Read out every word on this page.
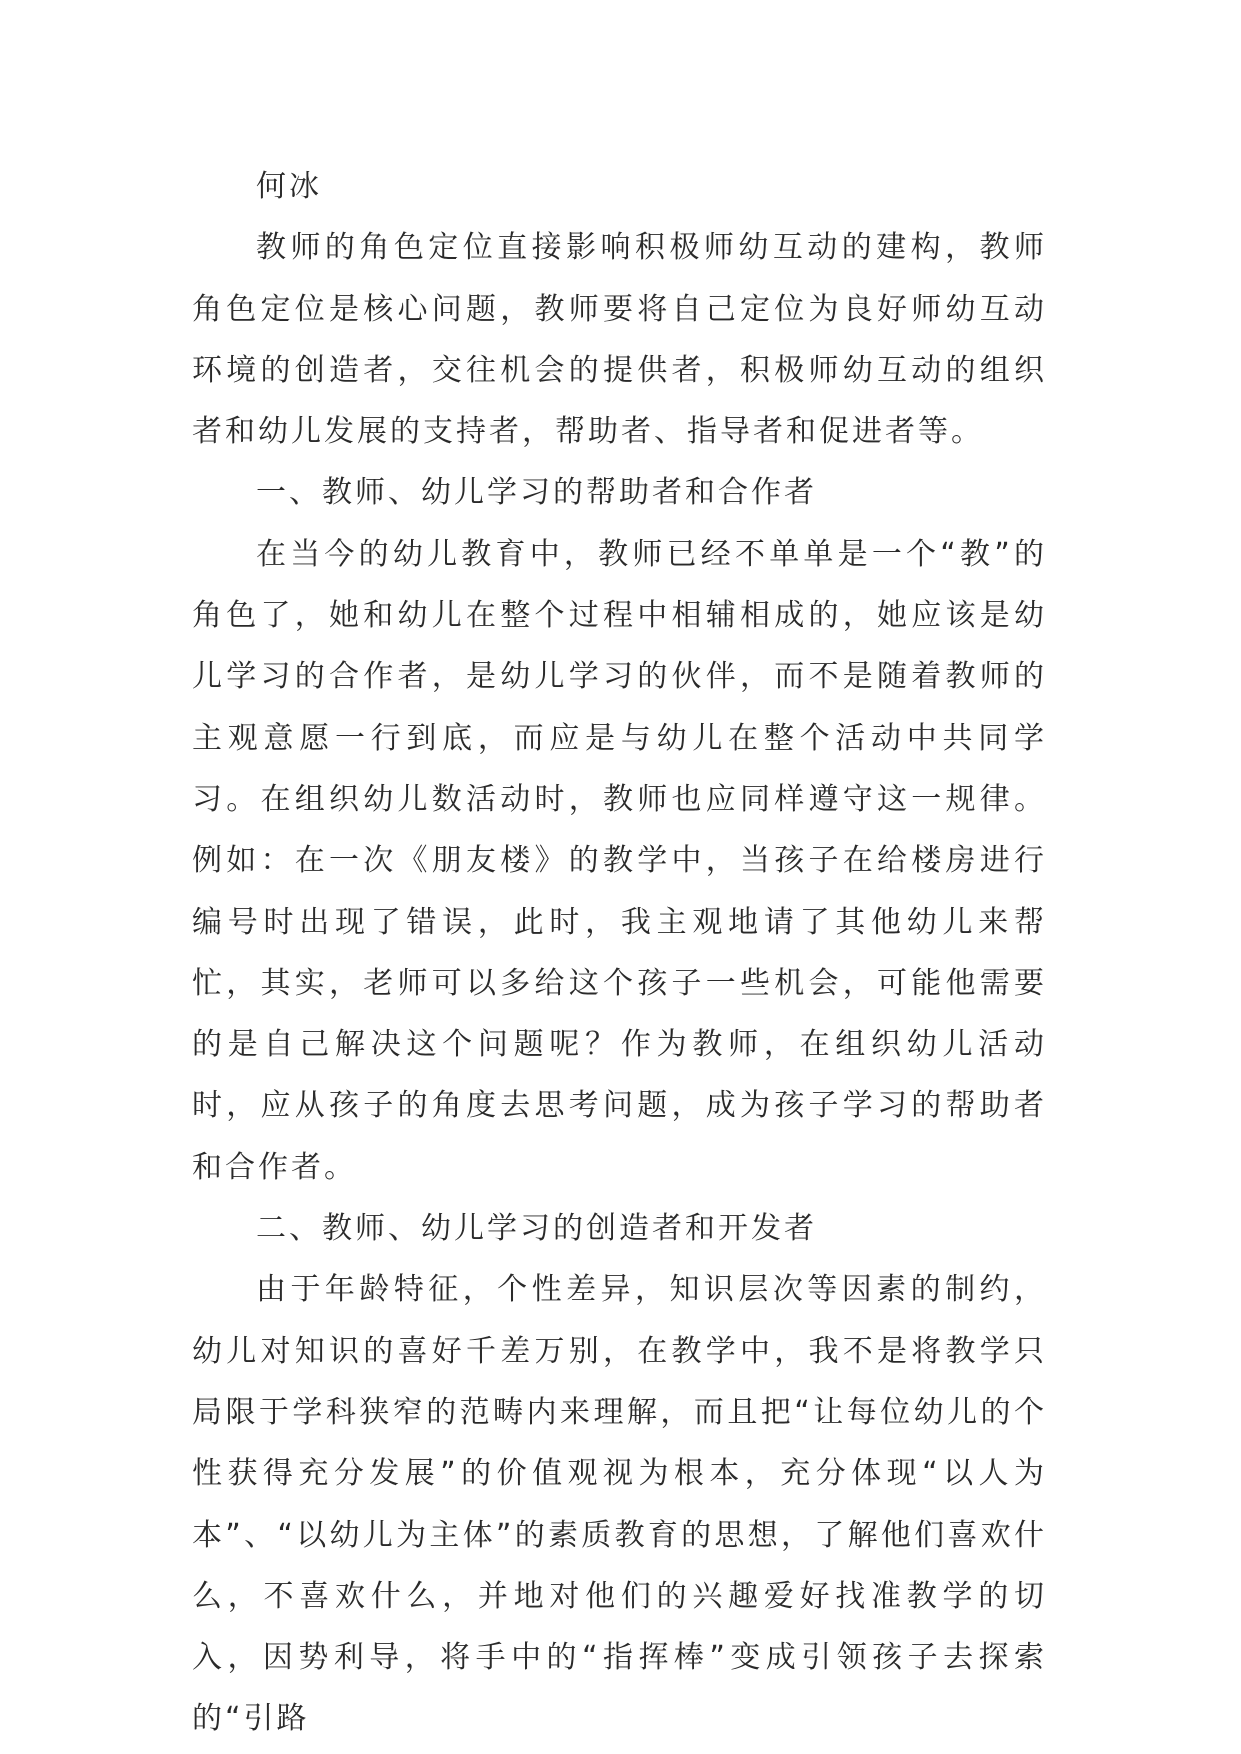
何冰

教师的角色定位直接影响积极师幼互动的建构，教师角色定位是核心问题，教师要将自己定位为良好师幼互动环境的创造者，交往机会的提供者，积极师幼互动的组织者和幼儿发展的支持者，帮助者、指导者和促进者等。

一、教师、幼儿学习的帮助者和合作者

在当今的幼儿教育中，教师已经不单单是一个“教”的角色了，她和幼儿在整个过程中相辅相成的，她应该是幼儿学习的合作者，是幼儿学习的伙伴，而不是随着教师的主观意愿一行到底，而应是与幼儿在整个活动中共同学习。在组织幼儿数活动时，教师也应同样遵守这一规律。例如：在一次《朋友楼》的教学中，当孩子在给楼房进行编号时出现了错误，此时，我主观地请了其他幼儿来帮忙，其实，老师可以多给这个孩子一些机会，可能他需要的是自己解决这个问题呢？作为教师，在组织幼儿活动时，应从孩子的角度去思考问题，成为孩子学习的帮助者和合作者。

二、教师、幼儿学习的创造者和开发者

由于年龄特征，个性差异，知识层次等因素的制约，幼儿对知识的喜好千差万别，在教学中，我不是将教学只局限于学科狭窄的范畴内来理解，而且把“让每位幼儿的个性获得充分发展”的价值观视为根本，充分体现“以人为本”、“以幼儿为主体”的素质教育的思想，了解他们喜欢什么，不喜欢什么，并地对他们的兴趣爱好找准教学的切入，因势利导，将手中的“指挥棒”变成引领孩子去探索的“引路
